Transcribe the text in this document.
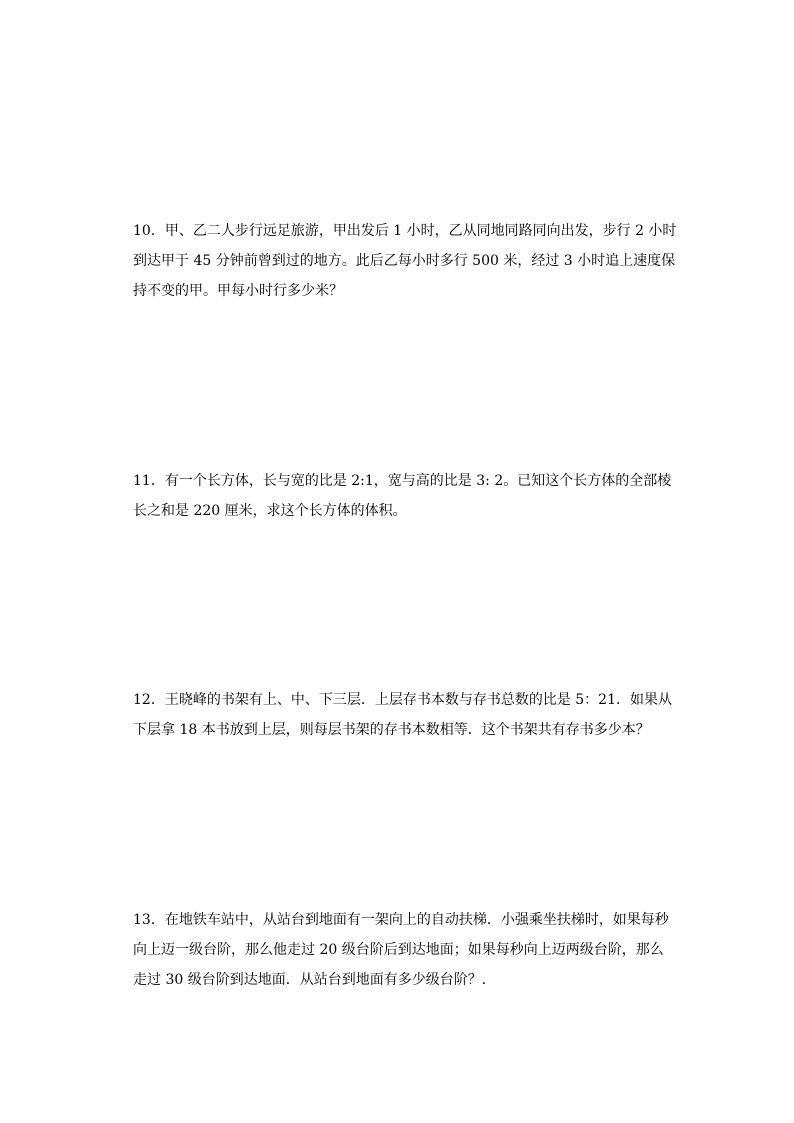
10．甲、乙二人步行远足旅游，甲出发后 1 小时，乙从同地同路同向出发，步行 2 小时
到达甲于 45 分钟前曾到过的地方。此后乙每小时多行 500 米，经过 3 小时追上速度保
持不变的甲。甲每小时行多少米？
11．有一个长方体，长与宽的比是 2:1，宽与高的比是 3: 2。已知这个长方体的全部棱
长之和是 220 厘米，求这个长方体的体积。
12．王晓峰的书架有上、中、下三层．上层存书本数与存书总数的比是 5：21．如果从
下层拿 18 本书放到上层，则每层书架的存书本数相等．这个书架共有存书多少本？
13．在地铁车站中，从站台到地面有一架向上的自动扶梯．小强乘坐扶梯时，如果每秒
向上迈一级台阶，那么他走过 20 级台阶后到达地面；如果每秒向上迈两级台阶，那么
走过 30 级台阶到达地面．从站台到地面有多少级台阶？．
